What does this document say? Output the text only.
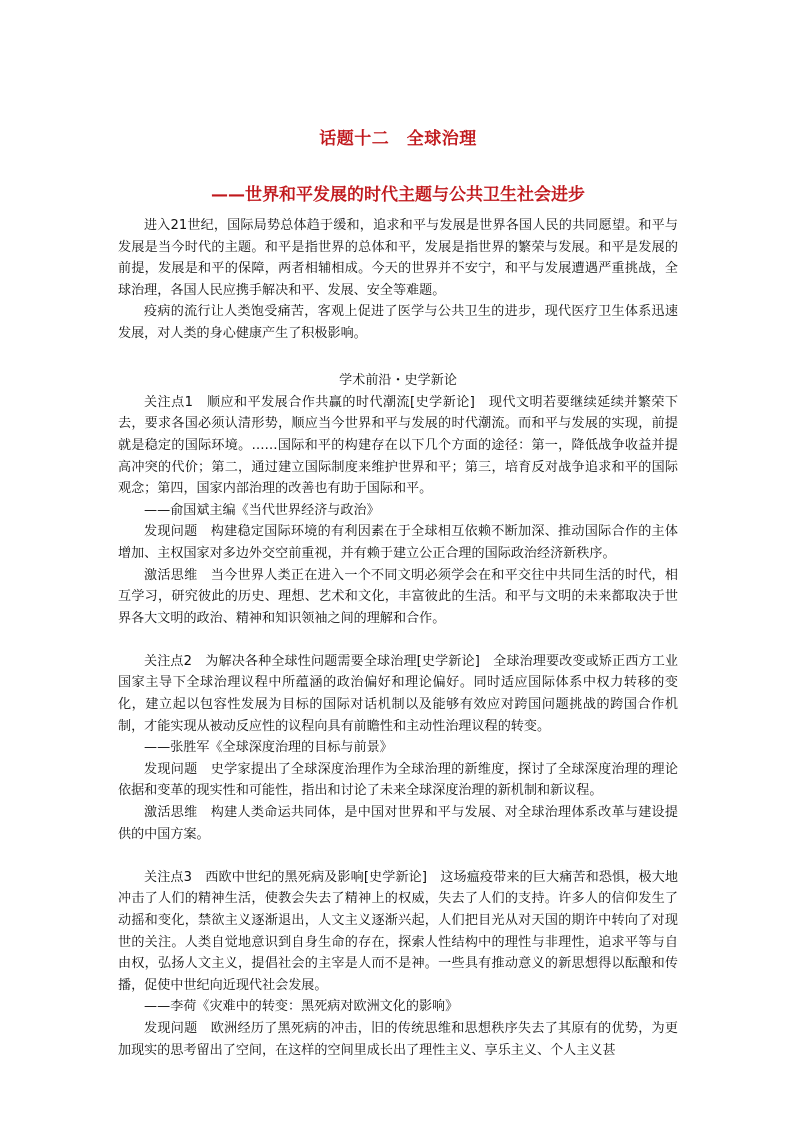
话题十二　全球治理
——世界和平发展的时代主题与公共卫生社会进步

进入21世纪，国际局势总体趋于缓和，追求和平与发展是世界各国人民的共同愿望。和平与发展是当今时代的主题。和平是指世界的总体和平，发展是指世界的繁荣与发展。和平是发展的前提，发展是和平的保障，两者相辅相成。今天的世界并不安宁，和平与发展遭遇严重挑战，全球治理，各国人民应携手解决和平、发展、安全等难题。

疫病的流行让人类饱受痛苦，客观上促进了医学与公共卫生的进步，现代医疗卫生体系迅速发展，对人类的身心健康产生了积极影响。

学术前沿・史学新论

关注点1　顺应和平发展合作共赢的时代潮流[史学新论]　现代文明若要继续延续并繁荣下去，要求各国必须认清形势，顺应当今世界和平与发展的时代潮流。而和平与发展的实现，前提就是稳定的国际环境。……国际和平的构建存在以下几个方面的途径：第一，降低战争收益并提高冲突的代价；第二，通过建立国际制度来维护世界和平；第三，培育反对战争追求和平的国际观念；第四，国家内部治理的改善也有助于国际和平。

——俞国斌主编《当代世界经济与政治》

发现问题　构建稳定国际环境的有利因素在于全球相互依赖不断加深、推动国际合作的主体增加、主权国家对多边外交空前重视，并有赖于建立公正合理的国际政治经济新秩序。

激活思维　当今世界人类正在进入一个不同文明必须学会在和平交往中共同生活的时代，相互学习，研究彼此的历史、理想、艺术和文化，丰富彼此的生活。和平与文明的未来都取决于世界各大文明的政治、精神和知识领袖之间的理解和合作。

关注点2　为解决各种全球性问题需要全球治理[史学新论]　全球治理要改变或矫正西方工业国家主导下全球治理议程中所蕴涵的政治偏好和理论偏好。同时适应国际体系中权力转移的变化，建立起以包容性发展为目标的国际对话机制以及能够有效应对跨国问题挑战的跨国合作机制，才能实现从被动反应性的议程向具有前瞻性和主动性治理议程的转变。

——张胜军《全球深度治理的目标与前景》

发现问题　史学家提出了全球深度治理作为全球治理的新维度，探讨了全球深度治理的理论依据和变革的现实性和可能性，指出和讨论了未来全球深度治理的新机制和新议程。

激活思维　构建人类命运共同体，是中国对世界和平与发展、对全球治理体系改革与建设提供的中国方案。

关注点3　西欧中世纪的黑死病及影响[史学新论]　这场瘟疫带来的巨大痛苦和恐惧，极大地冲击了人们的精神生活，使教会失去了精神上的权威，失去了人们的支持。许多人的信仰发生了动摇和变化，禁欲主义逐渐退出，人文主义逐渐兴起，人们把目光从对天国的期许中转向了对现世的关注。人类自觉地意识到自身生命的存在，探索人性结构中的理性与非理性，追求平等与自由权，弘扬人文主义，提倡社会的主宰是人而不是神。一些具有推动意义的新思想得以酝酿和传播，促使中世纪向近现代社会发展。

——李荷《灾难中的转变：黑死病对欧洲文化的影响》

发现问题　欧洲经历了黑死病的冲击，旧的传统思维和思想秩序失去了其原有的优势，为更加现实的思考留出了空间，在这样的空间里成长出了理性主义、享乐主义、个人主义甚
